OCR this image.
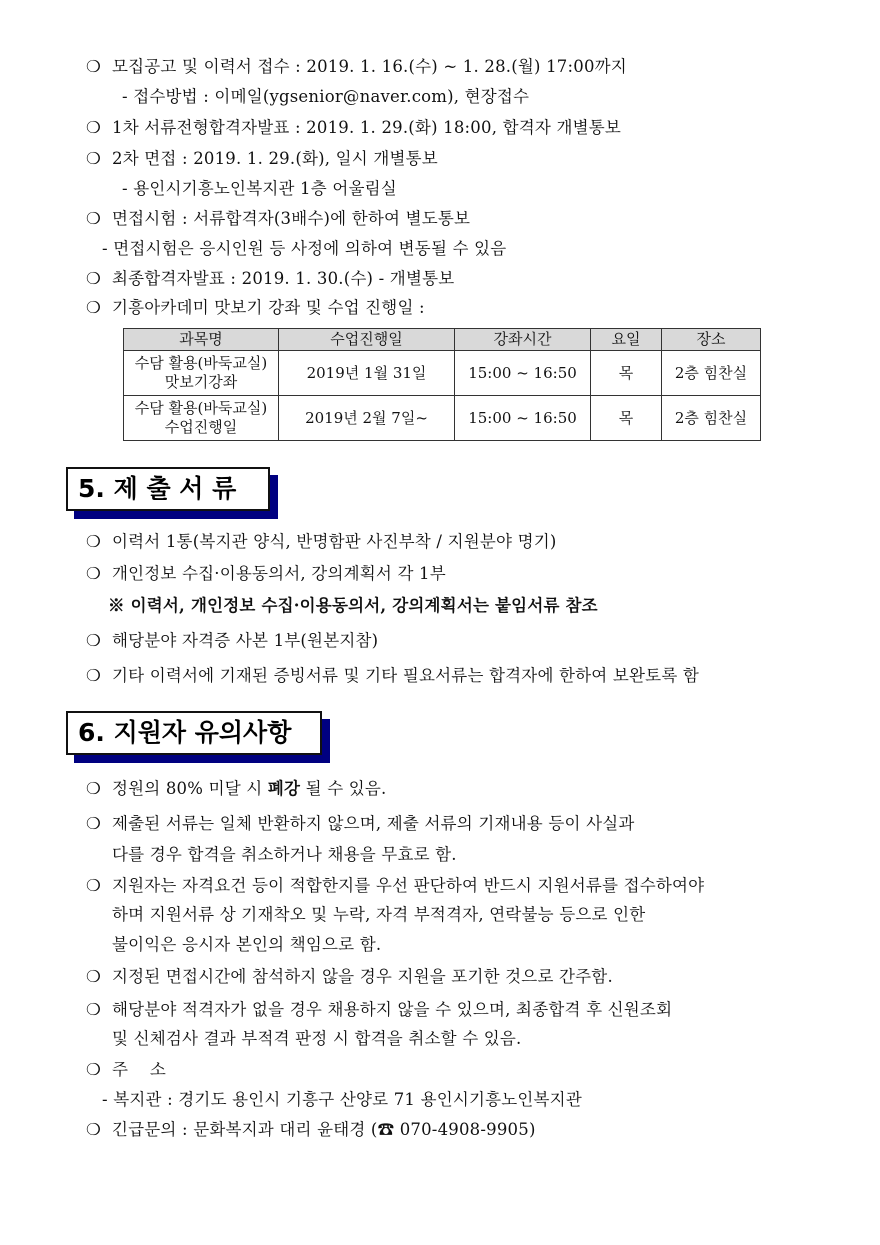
❍ 모집공고 및 이력서 접수 : 2019. 1. 16.(수) ~ 1. 28.(월) 17:00까지
- 접수방법 : 이메일(ygsenior@naver.com), 현장접수
❍ 1차 서류전형합격자발표 : 2019. 1. 29.(화) 18:00, 합격자 개별통보
❍ 2차 면접 : 2019. 1. 29.(화), 일시 개별통보
- 용인시기흥노인복지관 1층 어울림실
❍ 면접시험 : 서류합격자(3배수)에 한하여 별도통보
- 면접시험은 응시인원 등 사정에 의하여 변동될 수 있음
❍ 최종합격자발표 : 2019. 1. 30.(수) - 개별통보
❍ 기흥아카데미 맛보기 강좌 및 수업 진행일 :
과목명	수업진행일	강좌시간	요일	장소
수담 활용(바둑교실)
맛보기강좌	2019년 1월 31일	15:00 ~ 16:50	목	2층 힘찬실
수담 활용(바둑교실)
수업진행일	2019년 2월 7일~	15:00 ~ 16:50	목	2층 힘찬실
5. 제 출 서 류
❍ 이력서 1통(복지관 양식, 반명함판 사진부착 / 지원분야 명기)
❍ 개인정보 수집·이용동의서, 강의계획서 각 1부
※ 이력서, 개인정보 수집·이용동의서, 강의계획서는 붙임서류 참조
❍ 해당분야 자격증 사본 1부(원본지참)
❍ 기타 이력서에 기재된 증빙서류 및 기타 필요서류는 합격자에 한하여 보완토록 함
6. 지원자 유의사항
❍ 정원의 80% 미달 시 폐강 될 수 있음.
❍ 제출된 서류는 일체 반환하지 않으며, 제출 서류의 기재내용 등이 사실과
다를 경우 합격을 취소하거나 채용을 무효로 함.
❍ 지원자는 자격요건 등이 적합한지를 우선 판단하여 반드시 지원서류를 접수하여야
하며 지원서류 상 기재착오 및 누락, 자격 부적격자, 연락불능 등으로 인한
불이익은 응시자 본인의 책임으로 함.
❍ 지정된 면접시간에 참석하지 않을 경우 지원을 포기한 것으로 간주함.
❍ 해당분야 적격자가 없을 경우 채용하지 않을 수 있으며, 최종합격 후 신원조회
및 신체검사 결과 부적격 판정 시 합격을 취소할 수 있음.
❍ 주    소
- 복지관 : 경기도 용인시 기흥구 산양로 71 용인시기흥노인복지관
❍ 긴급문의 : 문화복지과 대리 윤태경 (☎ 070-4908-9905)
